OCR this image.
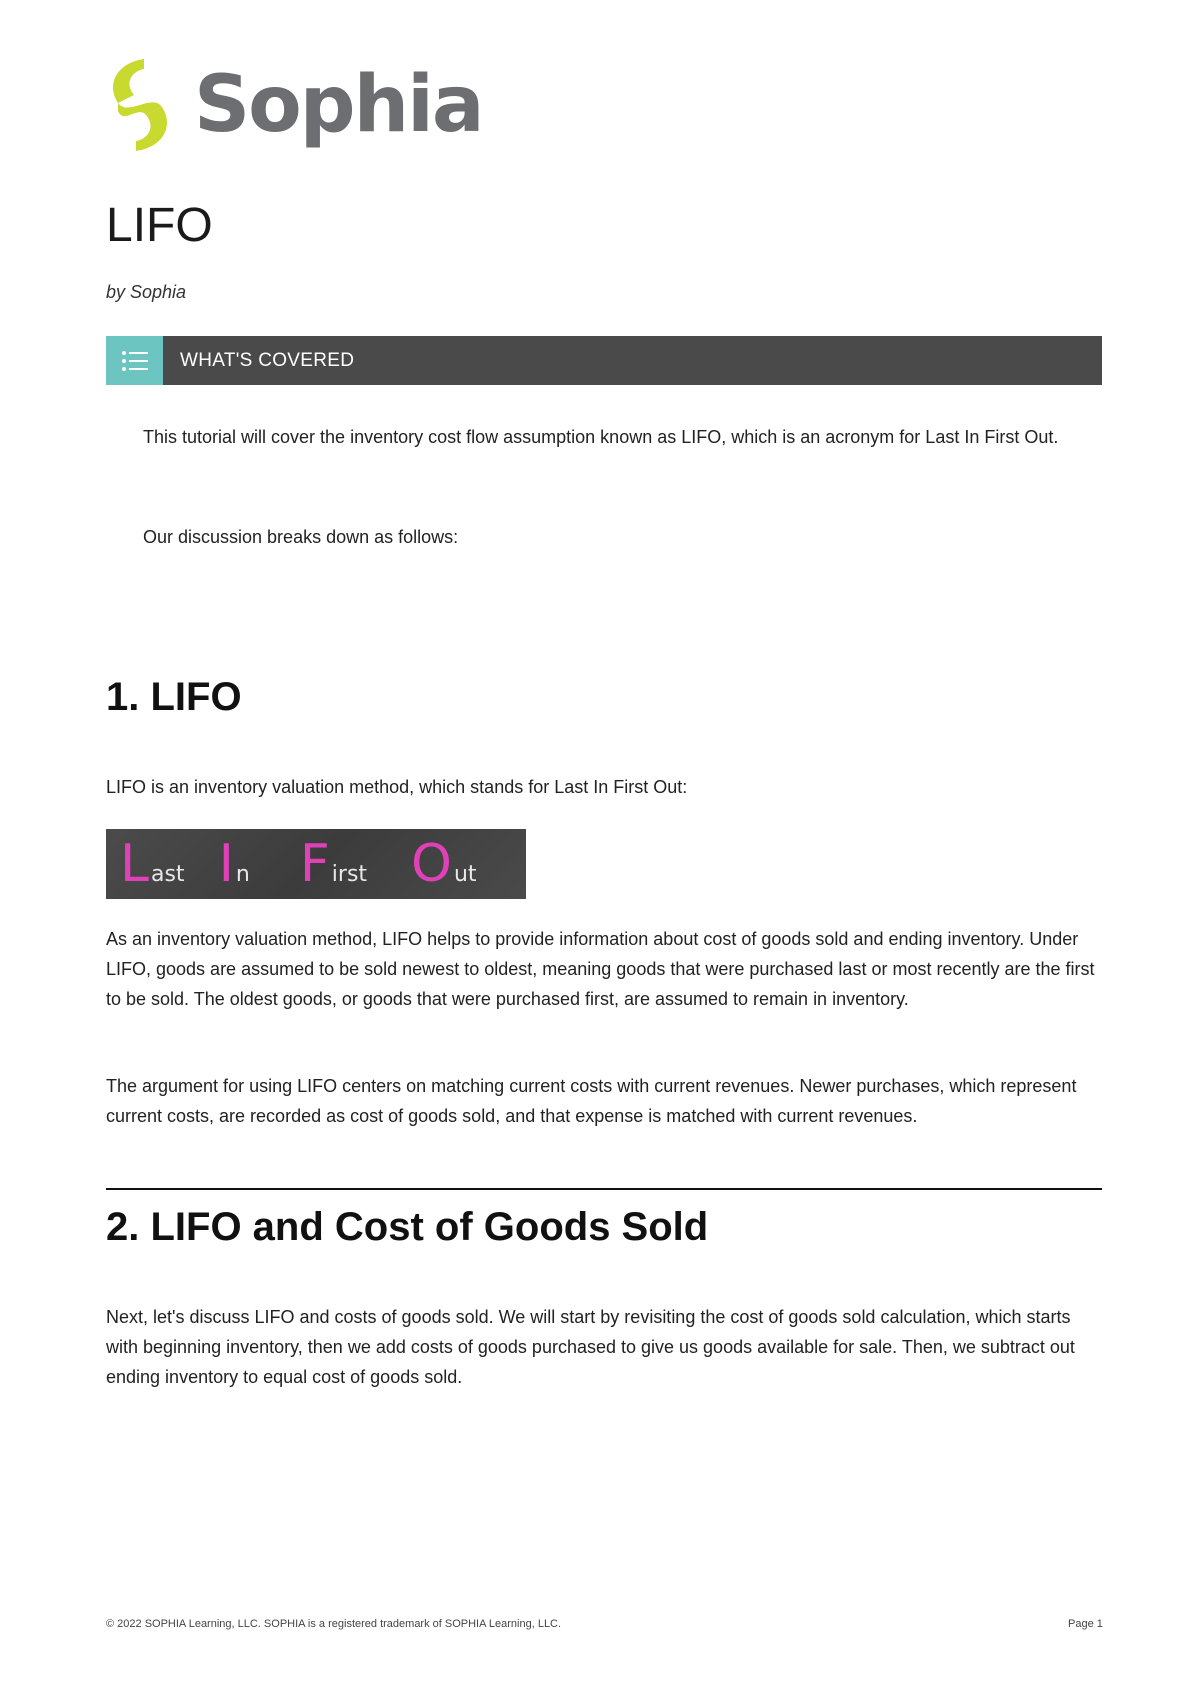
Sophia
LIFO

by Sophia

WHAT'S COVERED

This tutorial will cover the inventory cost flow assumption known as LIFO, which is an acronym for Last In First Out.

Our discussion breaks down as follows:

1. LIFO

LIFO is an inventory valuation method, which stands for Last In First Out:

L ast I n F irst O ut

As an inventory valuation method, LIFO helps to provide information about cost of goods sold and ending inventory. Under LIFO, goods are assumed to be sold newest to oldest, meaning goods that were purchased last or most recently are the first to be sold. The oldest goods, or goods that were purchased first, are assumed to remain in inventory.

The argument for using LIFO centers on matching current costs with current revenues. Newer purchases, which represent current costs, are recorded as cost of goods sold, and that expense is matched with current revenues.

2. LIFO and Cost of Goods Sold

Next, let's discuss LIFO and costs of goods sold. We will start by revisiting the cost of goods sold calculation, which starts with beginning inventory, then we add costs of goods purchased to give us goods available for sale. Then, we subtract out ending inventory to equal cost of goods sold.

© 2022 SOPHIA Learning, LLC. SOPHIA is a registered trademark of SOPHIA Learning, LLC.	Page 1
